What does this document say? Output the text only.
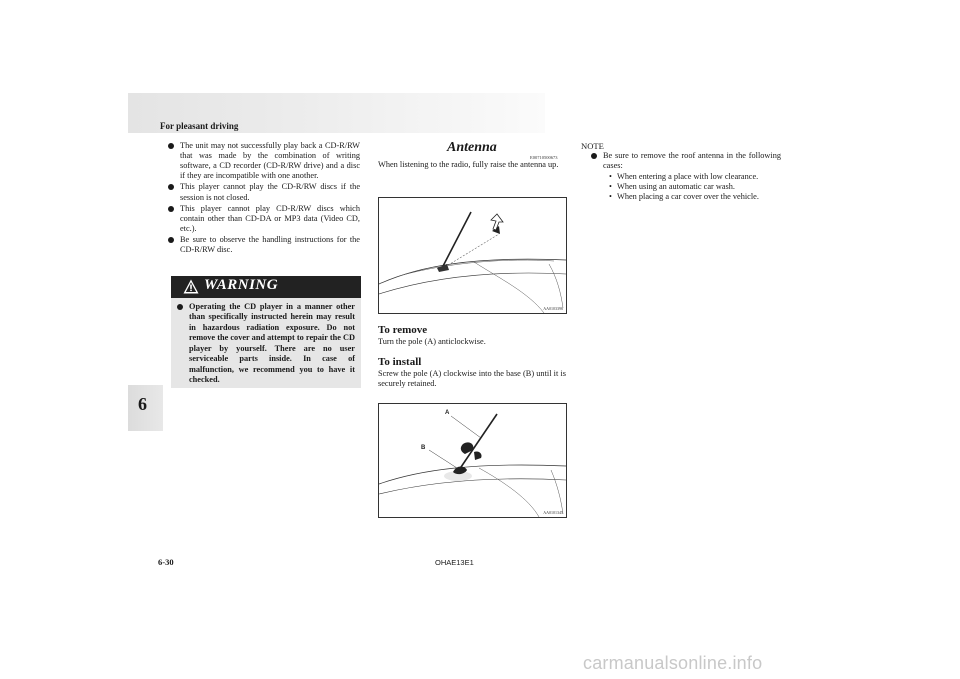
For pleasant driving
6
The unit may not successfully play back a CD-R/RW that was made by the combination of writing software, a CD recorder (CD-R/RW drive) and a disc if they are incompatible with one another.
This player cannot play the CD-R/RW discs if the session is not closed.
This player cannot play CD-R/RW discs which contain other than CD-DA or MP3 data (Video CD, etc.).
Be sure to observe the handling instructions for the CD-R/RW disc.
WARNING
Operating the CD player in a manner other than specifically instructed herein may result in hazardous radiation exposure. Do not remove the cover and attempt to repair the CD player by yourself. There are no user serviceable parts inside. In case of malfunction, we recommend you to have it checked.
Antenna
E00710500673

When listening to the radio, fully raise the antenna up.

AA0103396
To remove

Turn the pole (A) anticlockwise.

To install

Screw the pole (A) clockwise into the base (B) until it is securely retained.

A
B
AA0101345

NOTE

Be sure to remove the roof antenna in the following cases:
• When entering a place with low clearance.
• When using an automatic car wash.
• When placing a car cover over the vehicle.
6-30	OHAE13E1
carmanualsonline.info
